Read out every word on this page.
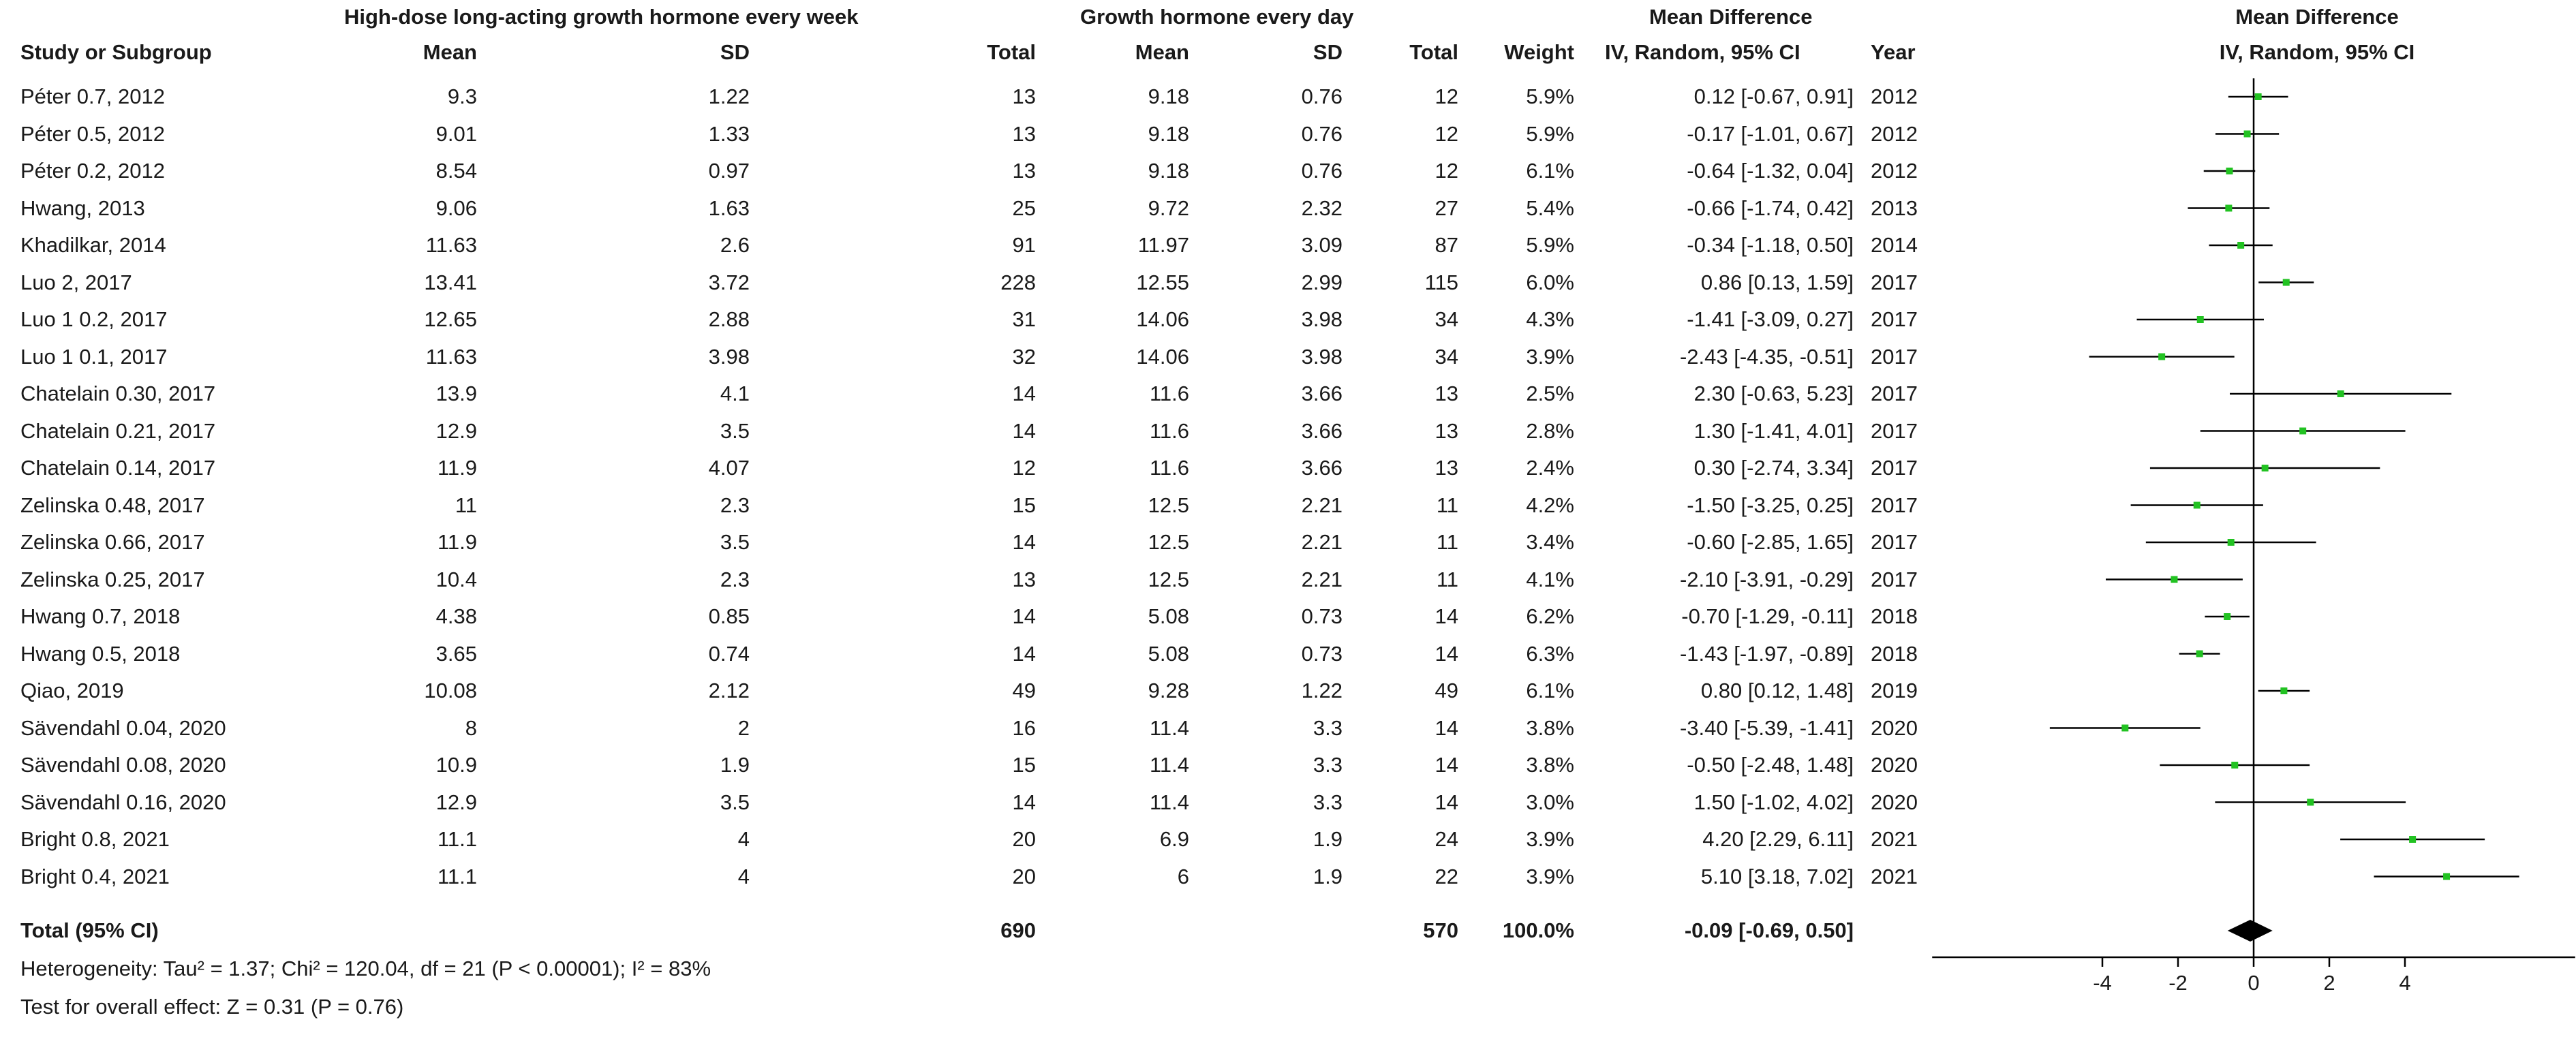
High-dose long-acting growth hormone every week	Growth hormone every day	Mean Difference	Mean Difference
Study or Subgroup	Mean	SD	Total	Mean	SD	Total	Weight IV, Random, 95% CI	Year	IV, Random, 95% CI
Péter 0.7, 2012	9.3	1.22	13	9.18	0.76	12	5.9%	0.12 [-0.67, 0.91] 2012
Péter 0.5, 2012	9.01	1.33	13	9.18	0.76	12	5.9%	-0.17 [-1.01, 0.67] 2012
Péter 0.2, 2012	8.54	0.97	13	9.18	0.76	12	6.1%	-0.64 [-1.32, 0.04] 2012
Hwang, 2013	9.06	1.63	25	9.72	2.32	27	5.4%	-0.66 [-1.74, 0.42] 2013
Khadilkar, 2014	11.63	2.6	91	11.97	3.09	87	5.9%	-0.34 [-1.18, 0.50] 2014
Luo 2, 2017	13.41	3.72	228	12.55	2.99	115	6.0%	0.86 [0.13, 1.59] 2017
Luo 1 0.2, 2017	12.65	2.88	31	14.06	3.98	34	4.3%	-1.41 [-3.09, 0.27] 2017
Luo 1 0.1, 2017	11.63	3.98	32	14.06	3.98	34	3.9%	-2.43 [-4.35, -0.51] 2017
Chatelain 0.30, 2017	13.9	4.1	14	11.6	3.66	13	2.5%	2.30 [-0.63, 5.23] 2017
Chatelain 0.21, 2017	12.9	3.5	14	11.6	3.66	13	2.8%	1.30 [-1.41, 4.01] 2017
Chatelain 0.14, 2017	11.9	4.07	12	11.6	3.66	13	2.4%	0.30 [-2.74, 3.34] 2017
Zelinska 0.48, 2017	11	2.3	15	12.5	2.21	11	4.2%	-1.50 [-3.25, 0.25] 2017
Zelinska 0.66, 2017	11.9	3.5	14	12.5	2.21	11	3.4%	-0.60 [-2.85, 1.65] 2017
Zelinska 0.25, 2017	10.4	2.3	13	12.5	2.21	11	4.1%	-2.10 [-3.91, -0.29] 2017
Hwang 0.7, 2018	4.38	0.85	14	5.08	0.73	14	6.2%	-0.70 [-1.29, -0.11] 2018
Hwang 0.5, 2018	3.65	0.74	14	5.08	0.73	14	6.3%	-1.43 [-1.97, -0.89] 2018
Qiao, 2019	10.08	2.12	49	9.28	1.22	49	6.1%	0.80 [0.12, 1.48] 2019
Sävendahl 0.04, 2020	8	2	16	11.4	3.3	14	3.8%	-3.40 [-5.39, -1.41] 2020
Sävendahl 0.08, 2020	10.9	1.9	15	11.4	3.3	14	3.8%	-0.50 [-2.48, 1.48] 2020
Sävendahl 0.16, 2020	12.9	3.5	14	11.4	3.3	14	3.0%	1.50 [-1.02, 4.02] 2020
Bright 0.8, 2021	11.1	4	20	6.9	1.9	24	3.9%	4.20 [2.29, 6.11] 2021
Bright 0.4, 2021	11.1	4	20	6	1.9	22	3.9%	5.10 [3.18, 7.02] 2021
Total (95% CI)	690	570	100.0%	-0.09 [-0.69, 0.50]
Heterogeneity: Tau² = 1.37; Chi² = 120.04, df = 21 (P < 0.00001); I² = 83%
Test for overall effect: Z = 0.31 (P = 0.76)
-4	-2	0	2	4
